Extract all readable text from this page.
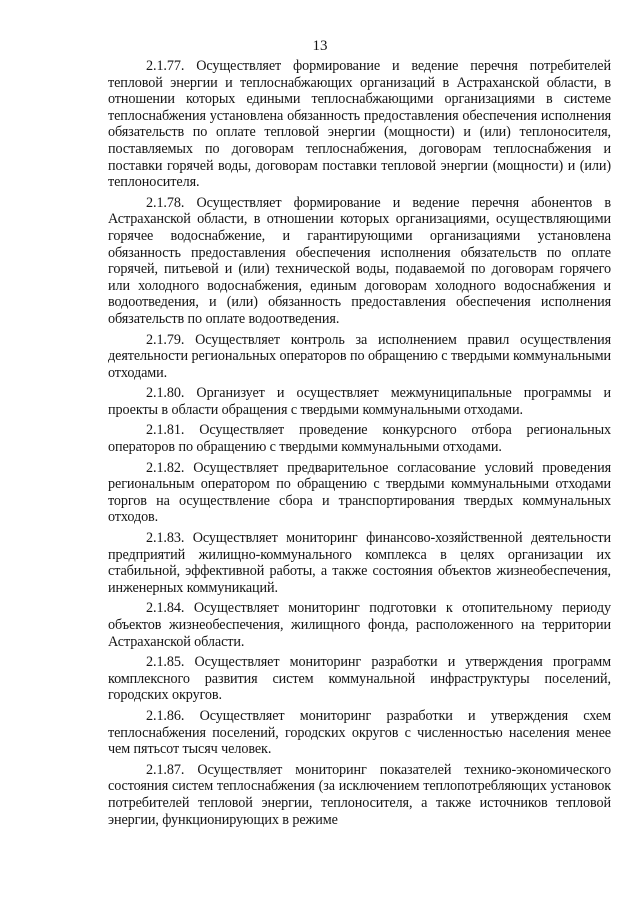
13

2.1.77. Осуществляет формирование и ведение перечня потребителей тепловой энергии и теплоснабжающих организаций в Астраханской области, в отношении которых едиными теплоснабжающими организациями в системе теплоснабжения установлена обязанность предоставления обеспечения исполнения обязательств по оплате тепловой энергии (мощности) и (или) теплоносителя, поставляемых по договорам теплоснабжения, договорам теплоснабжения и поставки горячей воды, договорам поставки тепловой энергии (мощности) и (или) теплоносителя.

2.1.78. Осуществляет формирование и ведение перечня абонентов в Астраханской области, в отношении которых организациями, осуществляющими горячее водоснабжение, и гарантирующими организациями установлена обязанность предоставления обеспечения исполнения обязательств по оплате горячей, питьевой и (или) технической воды, подаваемой по договорам горячего или холодного водоснабжения, единым договорам холодного водоснабжения и водоотведения, и (или) обязанность предоставления обеспечения исполнения обязательств по оплате водоотведения.

2.1.79. Осуществляет контроль за исполнением правил осуществления деятельности региональных операторов по обращению с твердыми коммунальными отходами.

2.1.80. Организует и осуществляет межмуниципальные программы и проекты в области обращения с твердыми коммунальными отходами.

2.1.81. Осуществляет проведение конкурсного отбора региональных операторов по обращению с твердыми коммунальными отходами.

2.1.82. Осуществляет предварительное согласование условий проведения региональным оператором по обращению с твердыми коммунальными отходами торгов на осуществление сбора и транспортирования твердых коммунальных отходов.

2.1.83. Осуществляет мониторинг финансово-хозяйственной деятельности предприятий жилищно-коммунального комплекса в целях организации их стабильной, эффективной работы, а также состояния объектов жизнеобеспечения, инженерных коммуникаций.

2.1.84. Осуществляет мониторинг подготовки к отопительному периоду объектов жизнеобеспечения, жилищного фонда, расположенного на территории Астраханской области.

2.1.85. Осуществляет мониторинг разработки и утверждения программ комплексного развития систем коммунальной инфраструктуры поселений, городских округов.

2.1.86. Осуществляет мониторинг разработки и утверждения схем теплоснабжения поселений, городских округов с численностью населения менее чем пятьсот тысяч человек.

2.1.87. Осуществляет мониторинг показателей технико-экономического состояния систем теплоснабжения (за исключением теплопотребляющих установок потребителей тепловой энергии, теплоносителя, а также источников тепловой энергии, функционирующих в режиме
